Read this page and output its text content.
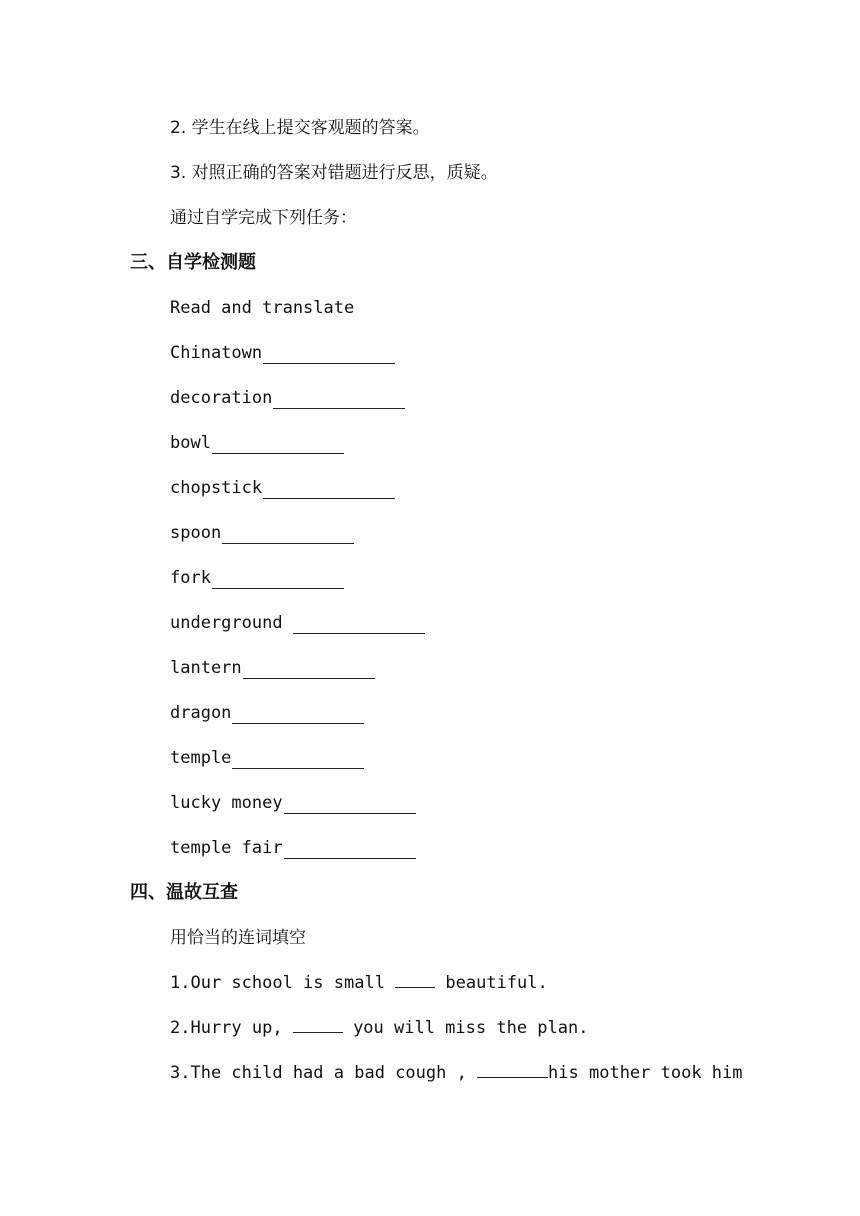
2. 学生在线上提交客观题的答案。
3. 对照正确的答案对错题进行反思，质疑。
通过自学完成下列任务：
三、自学检测题
Read and translate
Chinatown
decoration
bowl
chopstick
spoon
fork
underground
lantern
dragon
temple
lucky money
temple fair
四、温故互查
用恰当的连词填空
1.Our school is small  beautiful.
2.Hurry up,	you will miss the plan.
3.The child had a bad cough ,	his mother took him
